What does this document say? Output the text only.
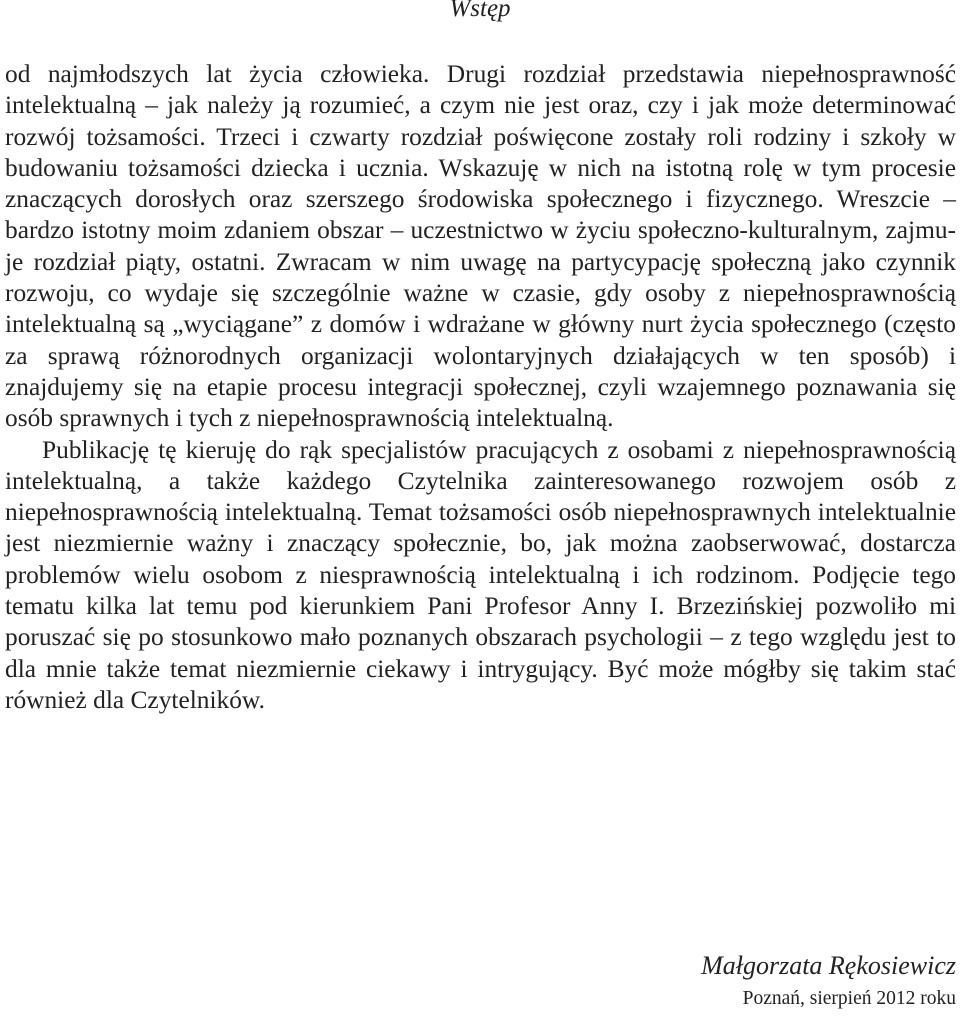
Wstęp

od najmłodszych lat życia człowieka. Drugi rozdział przedstawia niepełnosprawność intelektualną – jak należy ją rozumieć, a czym nie jest oraz, czy i jak może determinować rozwój tożsamości. Trzeci i czwarty rozdział poświęcone zostały roli rodziny i szkoły w budowaniu tożsamości dziecka i ucznia. Wskazuję w nich na istotną rolę w tym procesie znaczących dorosłych oraz szerszego środowiska społecznego i fizycznego. Wreszcie – bardzo istotny moim zdaniem obszar – uczestnictwo w życiu społeczno-kulturalnym, zajmuje rozdział piąty, ostatni. Zwracam w nim uwagę na partycypację społeczną jako czynnik rozwoju, co wydaje się szczególnie ważne w czasie, gdy osoby z niepełnosprawnością intelektualną są „wyciągane” z domów i wdrażane w główny nurt życia społecznego (często za sprawą różnorodnych organizacji wolontaryjnych działających w ten sposób) i znajdujemy się na etapie procesu integracji społecznej, czyli wzajemnego poznawania się osób sprawnych i tych z niepełnosprawnością intelektualną.

Publikację tę kieruję do rąk specjalistów pracujących z osobami z niepełnosprawnością intelektualną, a także każdego Czytelnika zainteresowanego rozwojem osób z niepełnosprawnością intelektualną. Temat tożsamości osób niepełnosprawnych intelektualnie jest niezmiernie ważny i znaczący społecznie, bo, jak można zaobserwować, dostarcza problemów wielu osobom z niesprawnością intelektualną i ich rodzinom. Podjęcie tego tematu kilka lat temu pod kierunkiem Pani Profesor Anny I. Brzezińskiej pozwoliło mi poruszać się po stosunkowo mało poznanych obszarach psychologii – z tego względu jest to dla mnie także temat niezmiernie ciekawy i intrygujący. Być może mógłby się takim stać również dla Czytelników.

Małgorzata Rękosiewicz
Poznań, sierpień 2012 roku
